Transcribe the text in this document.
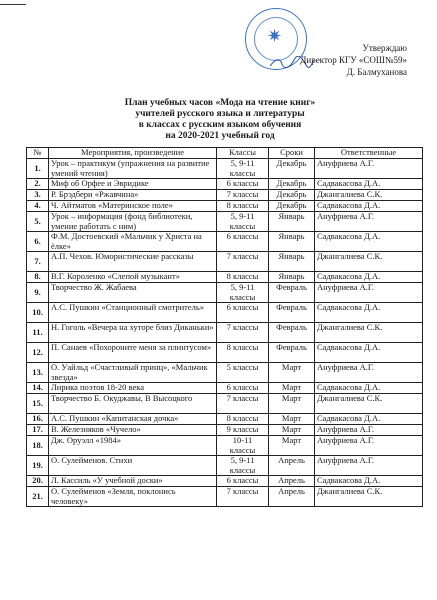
✷
Утверждаю
Директор КГУ «СОШ№59»
Д. Балмуханова
План учебных часов «Мода на чтение книг»
учителей русского языка и литературы
в классах с русским языком обучения
на 2020-2021 учебный год
№	Мероприятия, произведение	Классы	Сроки	Ответственные
1.	Урок – практикум (упражнения на развитие умений чтения)	5, 9-11 классы	Декабрь	Ануфриева А.Г.
2.	Миф об Орфее и Эвридике	6 классы	Декабрь	Садвакасова Д.А.
3.	Р. Брэдбери «Ржавчина»	7 классы	Декабрь	Джангалиева С.К.
4.	Ч. Айтматов «Материнское поле»	8 классы	Декабрь	Садвакасова Д.А.
5.	Урок – информация (фонд библиотеки, умение работать с ним)	5, 9-11 классы	Январь	Ануфриева А.Г.
6.	Ф.М. Достоевский «Мальчик у Христа на ёлке»	6 классы	Январь	Садвакасова Д.А.
7.	А.П. Чехов. Юмористические рассказы	7 классы	Январь	Джангалиева С.К.
8.	В.Г. Короленко «Слепой музыкант»	8 классы	Январь	Садвакасова Д.А.
9.	Творчество Ж. Жабаева	5, 9-11 классы	Февраль	Ануфриева А.Г.
10.	А.С. Пушкин «Станционный смотритель»	6 классы	Февраль	Садвакасова Д.А.
11.	Н. Гоголь «Вечера на хуторе близ Диканьки»	7 классы	Февраль	Джангалиева С.К.
12.	П. Санаев «Похороните меня за плинтусом»	8 классы	Февраль	Садвакасова Д.А.
13.	О. Уайльд «Счастливый принц», «Мальчик звезда»	5 классы	Март	Ануфриева А.Г.
14.	Лирика поэтов 18-20 века	6 классы	Март	Садвакасова Д.А.
15.	Творчество Б. Окуджавы, В Высоцкого	7 классы	Март	Джангалиева С.К.
16.	А.С. Пушкин «Капитанская дочка»	8 классы	Март	Садвакасова Д.А.
17.	В. Железняков «Чучело»	9 классы	Март	Ануфриева А.Г.
18.	Дж. Оруэлл «1984»	10-11 классы	Март	Ануфриева А.Г.
19.	О. Сулейменов. Стихи	5, 9-11 классы	Апрель	Ануфриева А.Г.
20.	Л. Кассиль «У учебной доски»	6 классы	Апрель	Садвакасова Д.А.
21.	О. Сулейменов «Земля, поклонись человеку»	7 классы	Апрель	Джангалиева С.К.
